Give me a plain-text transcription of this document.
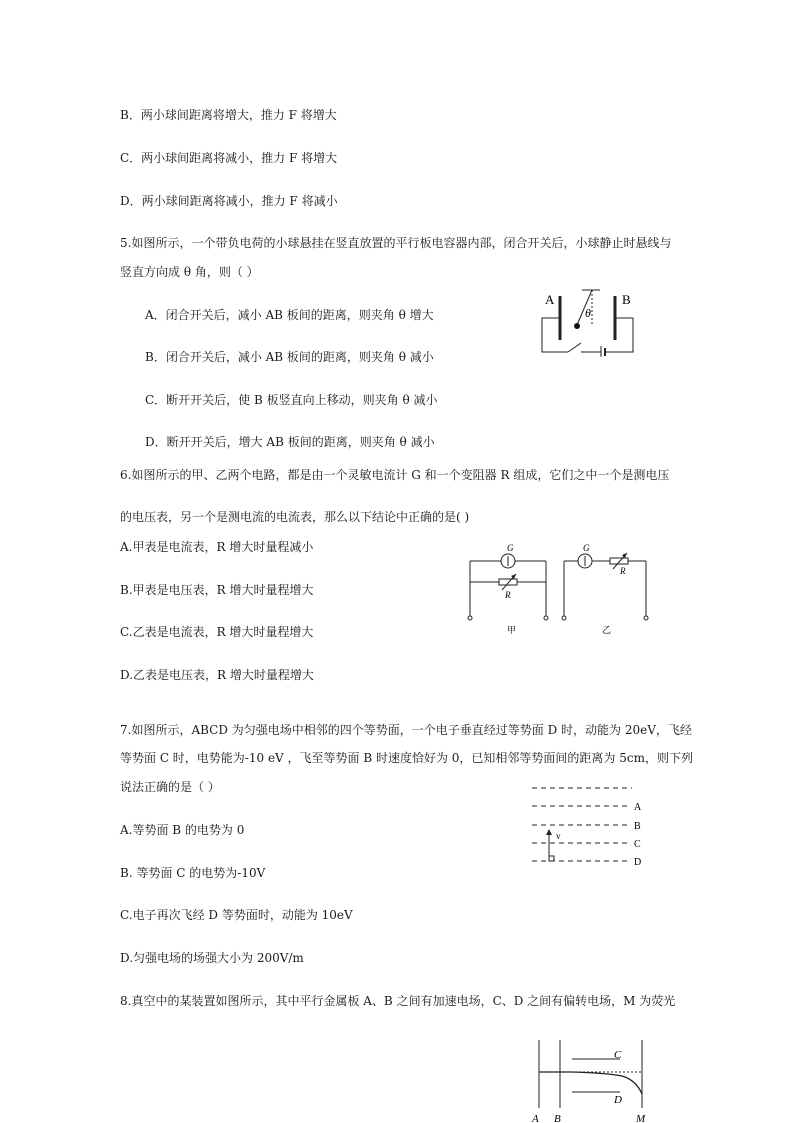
B．两小球间距离将增大，推力 F 将增大
C．两小球间距离将减小，推力 F 将增大
D．两小球间距离将减小，推力 F 将减小
5.如图所示，一个带负电荷的小球悬挂在竖直放置的平行板电容器内部，闭合开关后，小球静止时悬线与
竖直方向成 θ 角，则（ ）
A．闭合开关后，减小 AB 板间的距离，则夹角 θ 增大
B．闭合开关后，减小 AB 板间的距离，则夹角 θ 减小
C．断开开关后，使 B 板竖直向上移动，则夹角 θ 减小
D．断开开关后，增大 AB 板间的距离，则夹角 θ 减小
A	B
θ
6.如图所示的甲、乙两个电路，都是由一个灵敏电流计 G 和一个变阻器 R 组成，它们之中一个是测电压
的电压表，另一个是测电流的电流表，那么以下结论中正确的是( )
A.甲表是电流表，R 增大时量程减小
B.甲表是电压表，R 增大时量程增大
C.乙表是电流表，R 增大时量程增大
D.乙表是电压表，R 增大时量程增大
G
R
甲
G
R
乙
7.如图所示，ABCD 为匀强电场中相邻的四个等势面，一个电子垂直经过等势面 D 时，动能为 20eV，飞经
等势面 C 时，电势能为-10 eV ，飞至等势面 B 时速度恰好为 0，已知相邻等势面间的距离为 5cm，则下列
说法正确的是（ ）
A.等势面 B 的电势为 0
B. 等势面 C 的电势为-10V
C.电子再次飞经 D 等势面时，动能为 10eV
D.匀强电场的场强大小为 200V/m
A
B
C
D
v
8.真空中的某装置如图所示，其中平行金属板 A、B 之间有加速电场，C、D 之间有偏转电场，M 为荧光
C
D
A B	M
